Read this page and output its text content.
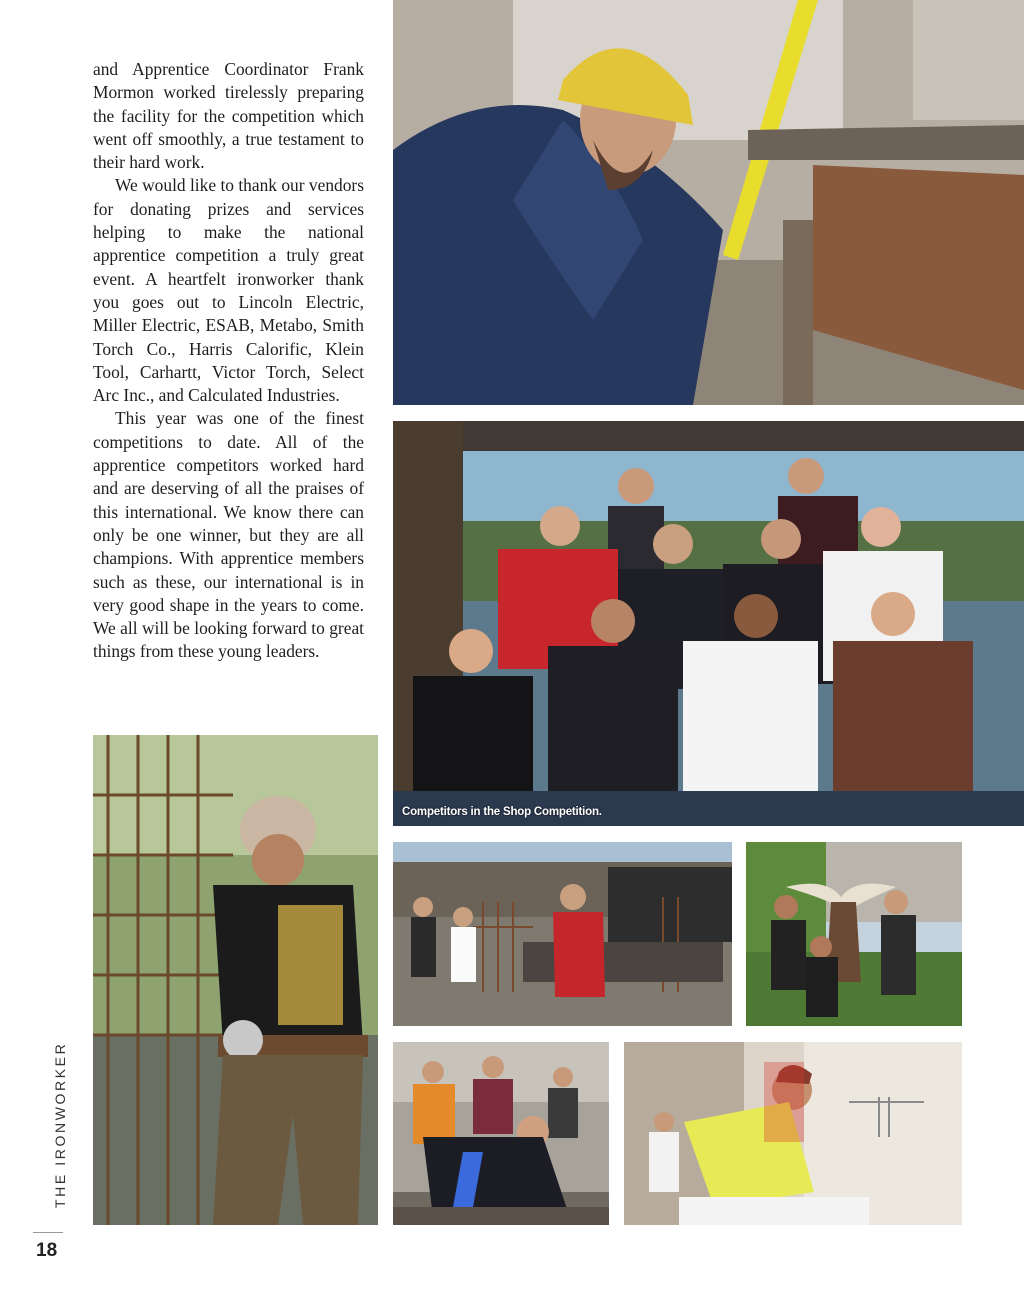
and Apprentice Coordinator Frank Mormon worked tirelessly preparing the facility for the competition which went off smoothly, a true testament to their hard work.

We would like to thank our vendors for donating prizes and services helping to make the national apprentice competition a truly great event. A heartfelt ironworker thank you goes out to Lincoln Electric, Miller Electric, ESAB, Metabo, Smith Torch Co., Harris Calorific, Klein Tool, Carhartt, Victor Torch, Select Arc Inc., and Calculated Industries.

This year was one of the finest competitions to date. All of the apprentice competitors worked hard and are deserving of all the praises of this international. We know there can only be one winner, but they are all champions. With apprentice members such as these, our international is in very good shape in the years to come. We all will be looking forward to great things from these young leaders.

Competitors in the Shop Competition.
THE IRONWORKER
18
